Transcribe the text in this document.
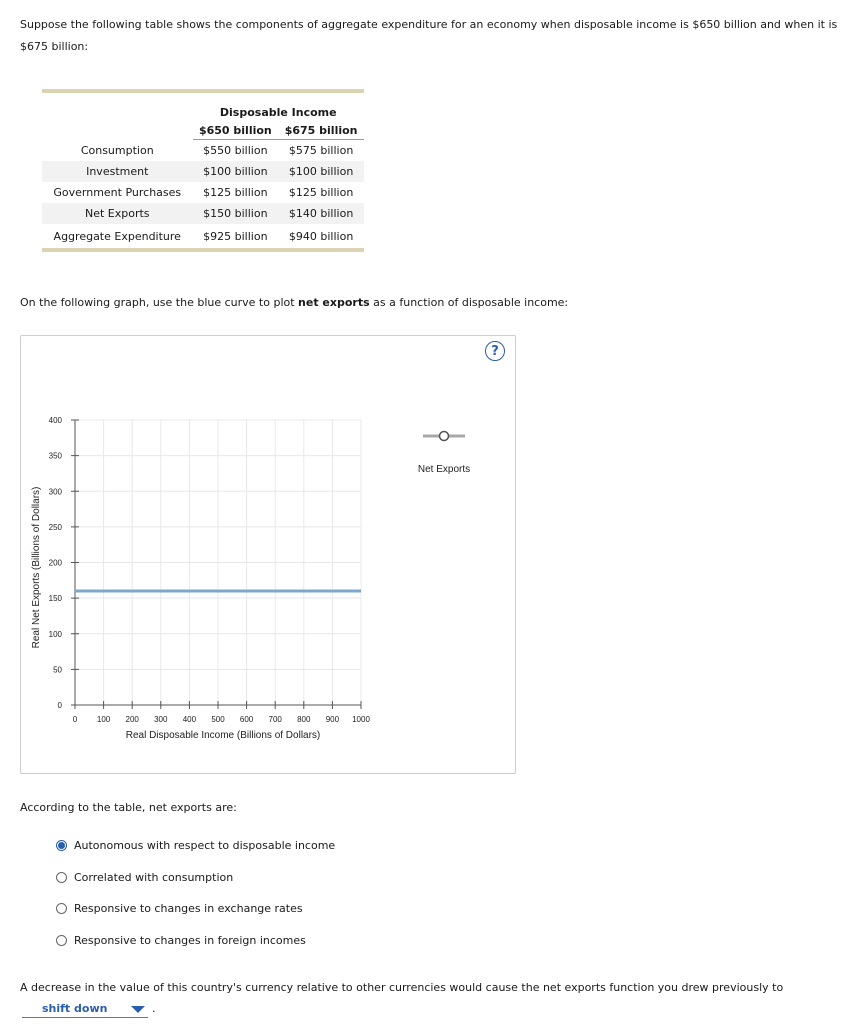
Suppose the following table shows the components of aggregate expenditure for an economy when disposable income is $650 billion and when it is $675 billion:
	Disposable Income	
	$650 billion	$675 billion
Consumption	$550 billion	$575 billion
Investment	$100 billion	$100 billion
Government Purchases	$125 billion	$125 billion
Net Exports	$150 billion	$140 billion
Aggregate Expenditure	$925 billion	$940 billion
On the following graph, use the blue curve to plot net exports as a function of disposable income:
?
0
50
100
150
200
250
300
350
400
0 100 200 300 400 500 600 700 800 900 1000
Real Disposable Income (Billions of Dollars)
Real Net Exports (Billions of Dollars)
Net Exports
According to the table, net exports are:
Autonomous with respect to disposable income
Correlated with consumption
Responsive to changes in exchange rates
Responsive to changes in foreign incomes
A decrease in the value of this country's currency relative to other currencies would cause the net exports function you drew previously to
shift down	.
